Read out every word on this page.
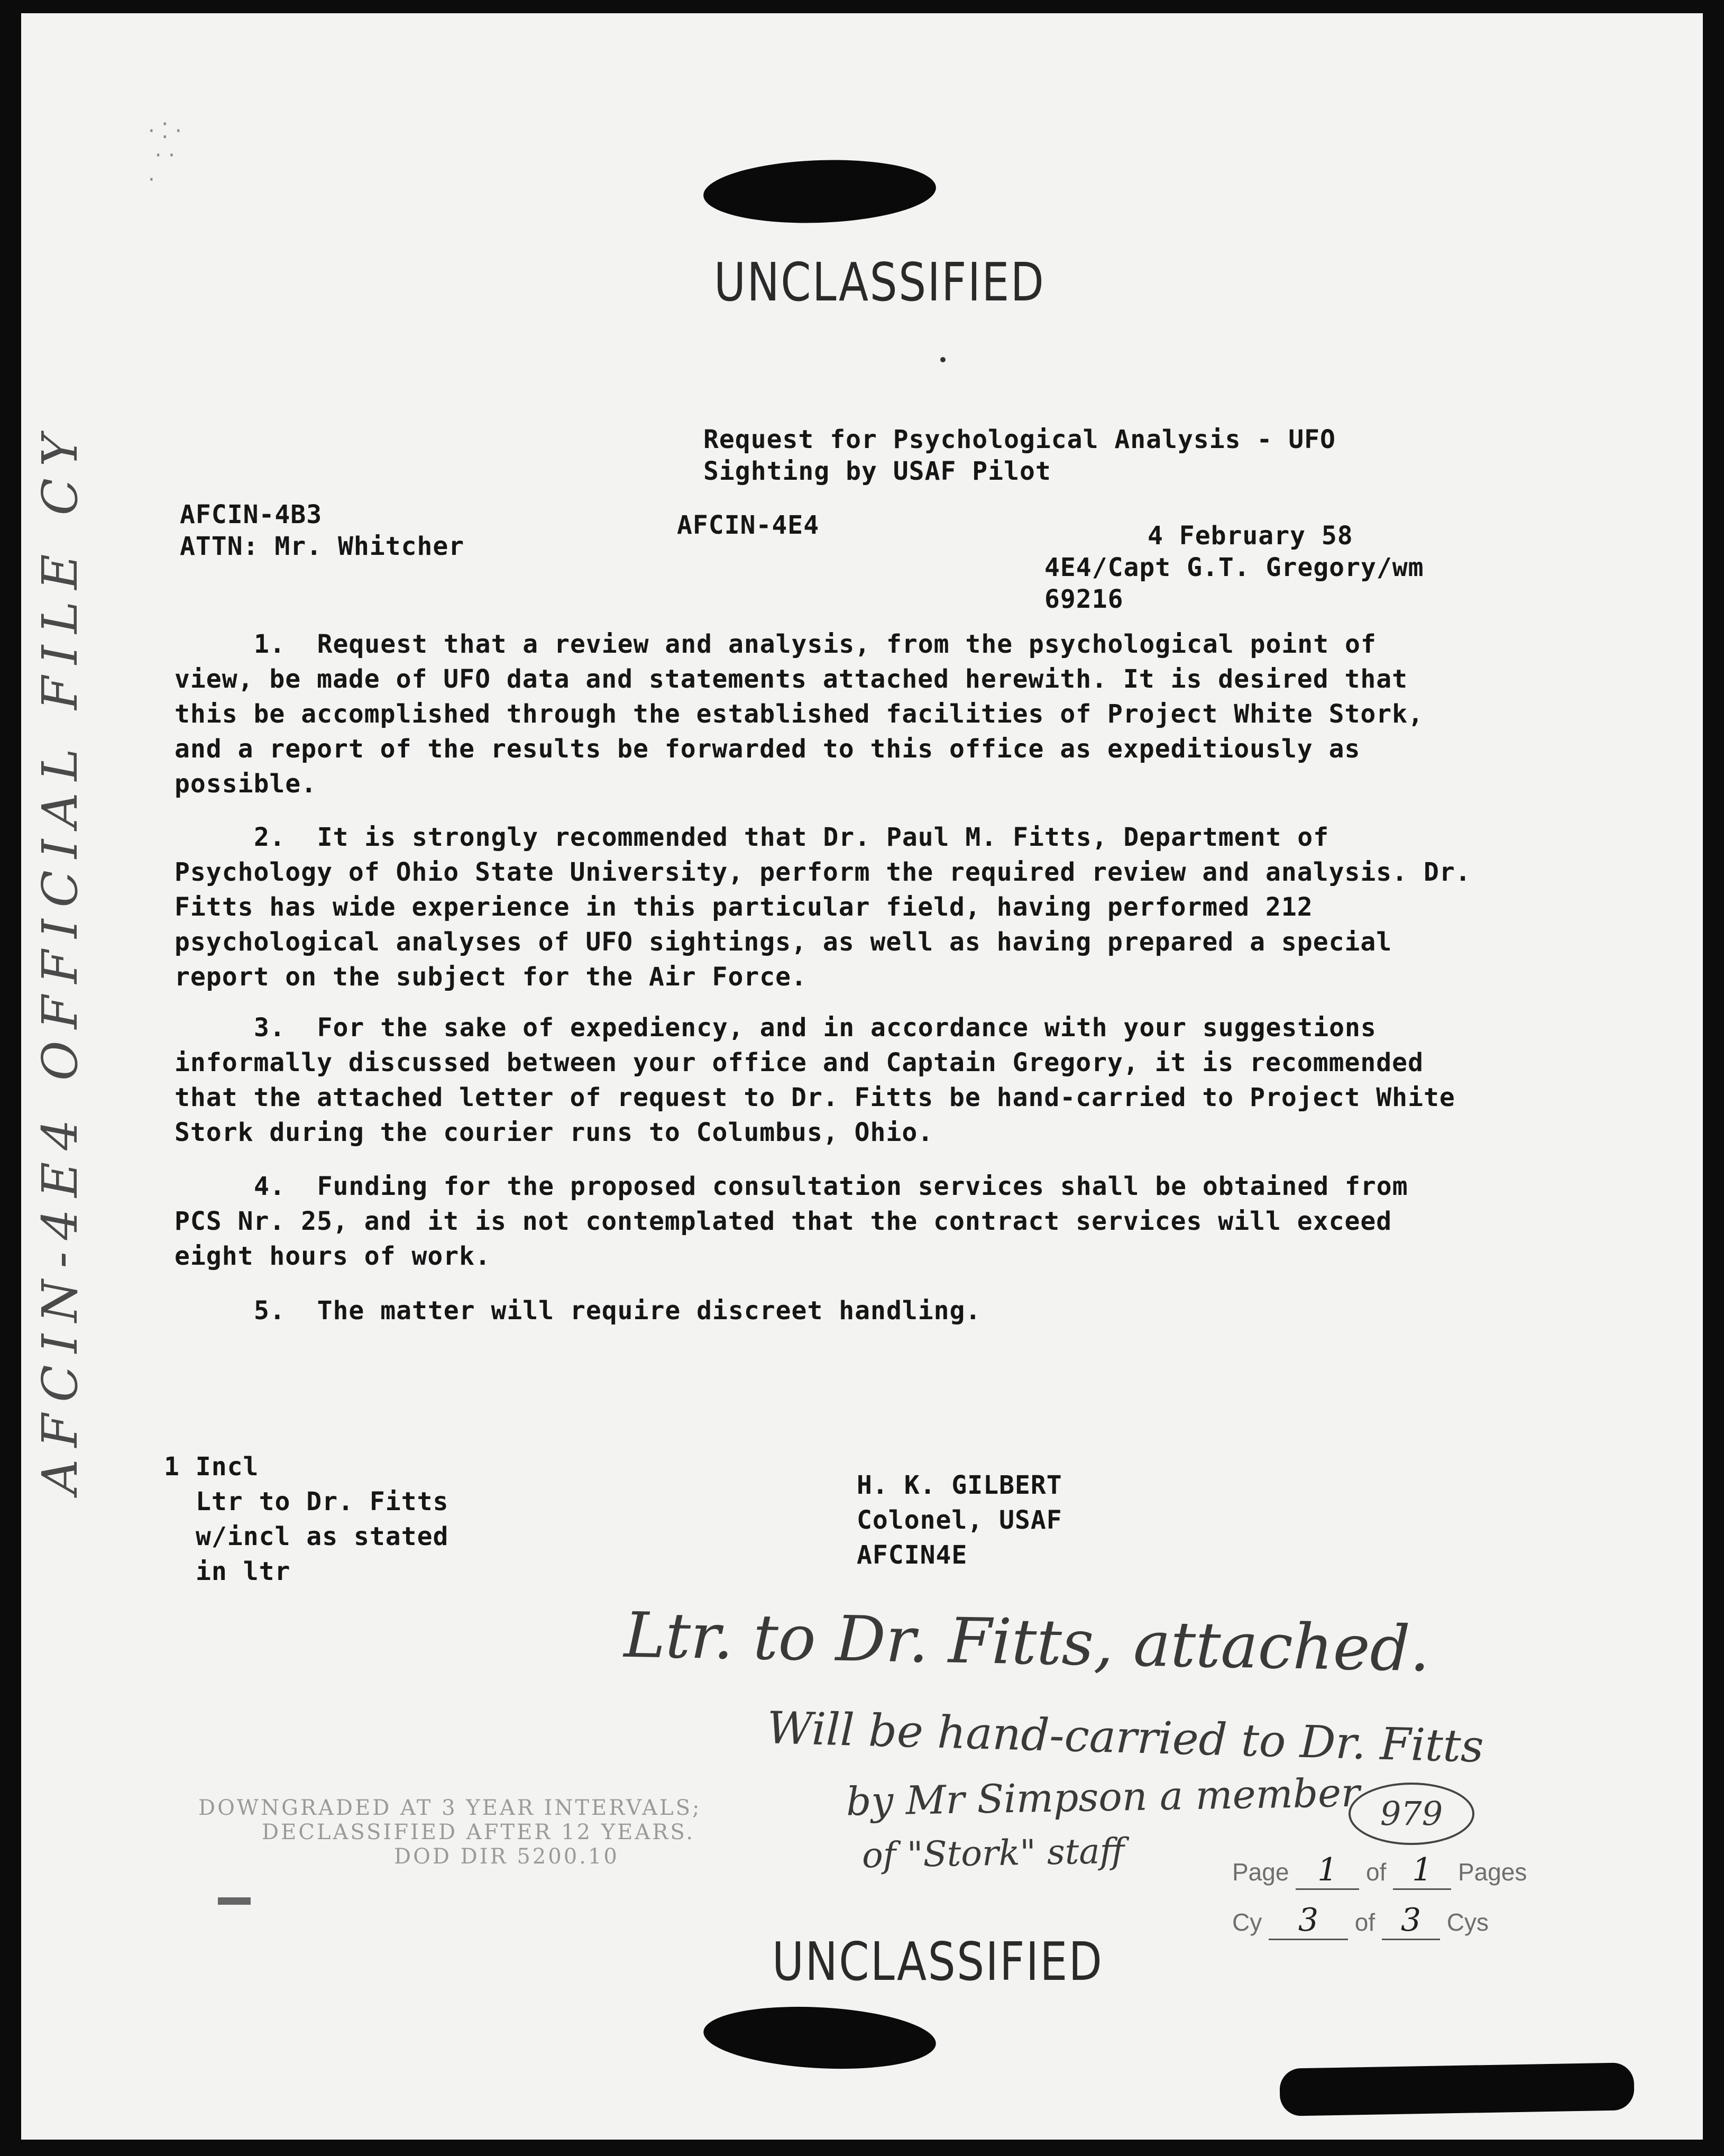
UNCLASSIFIED
· ⁚ ·
· ·
·
AFCIN-4E4 OFFICIAL FILE CY	Request for Psychological Analysis - UFO
Sighting by USAF Pilot
AFCIN-4B3
ATTN: Mr. Whitcher
AFCIN-4E4	4 February 58
4E4/Capt G.T. Gregory/wm
69216
1. Request that a review and analysis, from the psychological point of
view, be made of UFO data and statements attached herewith. It is desired that
this be accomplished through the established facilities of Project White Stork,
and a report of the results be forwarded to this office as expeditiously as
possible.
2. It is strongly recommended that Dr. Paul M. Fitts, Department of
Psychology of Ohio State University, perform the required review and analysis. Dr.
Fitts has wide experience in this particular field, having performed 212
psychological analyses of UFO sightings, as well as having prepared a special
report on the subject for the Air Force.
3. For the sake of expediency, and in accordance with your suggestions
informally discussed between your office and Captain Gregory, it is recommended
that the attached letter of request to Dr. Fitts be hand-carried to Project White
Stork during the courier runs to Columbus, Ohio.
4. Funding for the proposed consultation services shall be obtained from
PCS Nr. 25, and it is not contemplated that the contract services will exceed
eight hours of work.
5. The matter will require discreet handling.
1 Incl
Ltr to Dr. Fitts
w/incl as stated
in ltr
H. K. GILBERT
Colonel, USAF
AFCIN4E
Ltr. to Dr. Fitts, attached.
Will be hand-carried to Dr. Fitts
by Mr Simpson a member
of "Stork" staff
979
DOWNGRADED AT 3 YEAR INTERVALS;
DECLASSIFIED AFTER 12 YEARS.
DOD DIR 5200.10
Page 1 of 1 Pages
Cy 3 of 3 Cys
UNCLASSIFIED
